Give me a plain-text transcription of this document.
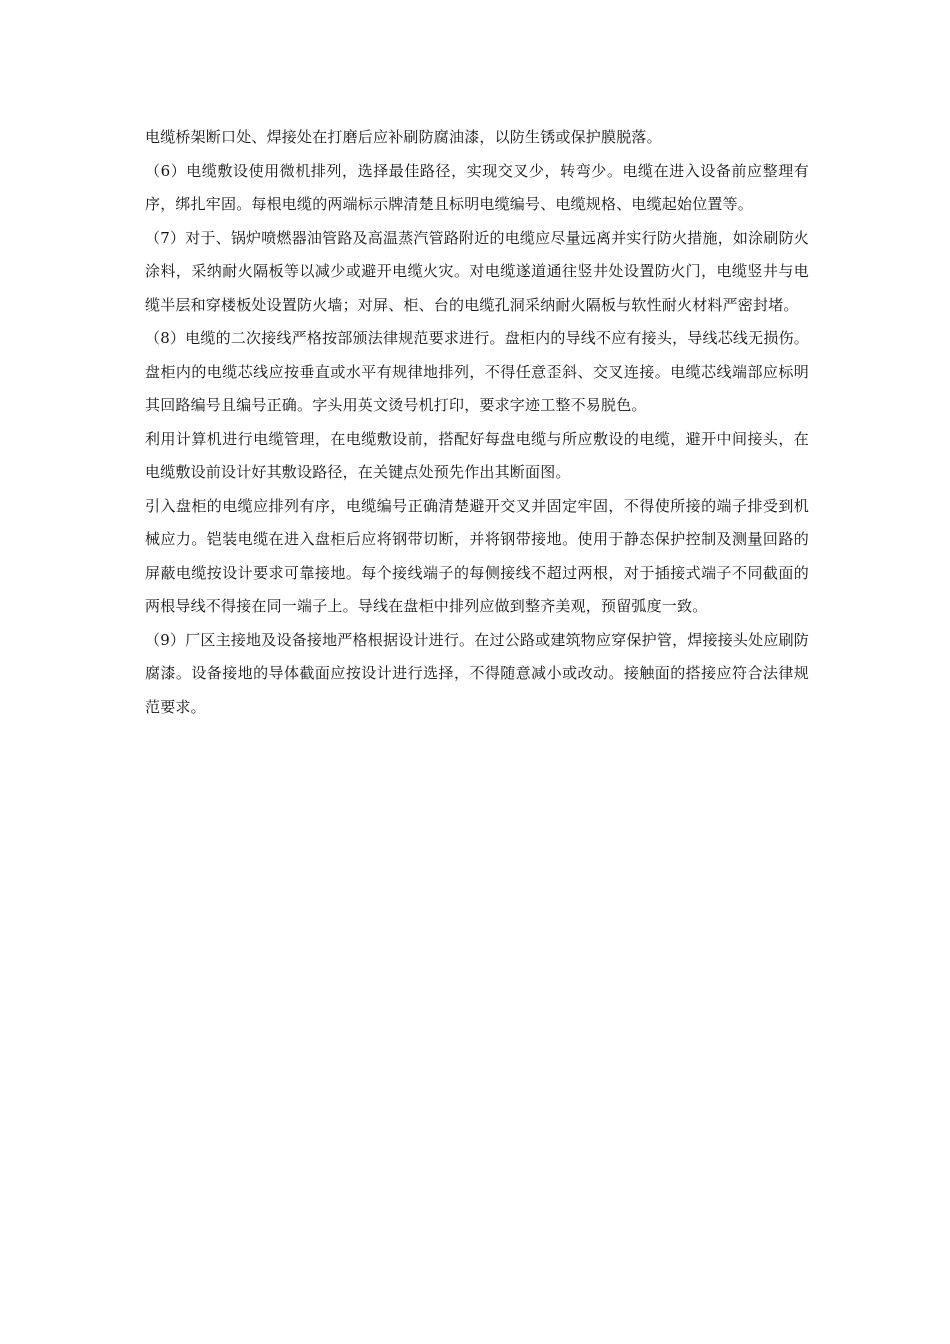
电缆桥架断口处、焊接处在打磨后应补刷防腐油漆，以防生锈或保护膜脱落。

（6）电缆敷设使用微机排列，选择最佳路径，实现交叉少，转弯少。电缆在进入设备前应整理有序，绑扎牢固。每根电缆的两端标示牌清楚且标明电缆编号、电缆规格、电缆起始位置等。

（7）对于、锅炉喷燃器油管路及高温蒸汽管路附近的电缆应尽量远离并实行防火措施，如涂刷防火涂料，采纳耐火隔板等以减少或避开电缆火灾。对电缆遂道通往竖井处设置防火门，电缆竖井与电缆半层和穿楼板处设置防火墙；对屏、柜、台的电缆孔洞采纳耐火隔板与软性耐火材料严密封堵。

（8）电缆的二次接线严格按部颁法律规范要求进行。盘柜内的导线不应有接头，导线芯线无损伤。盘柜内的电缆芯线应按垂直或水平有规律地排列，不得任意歪斜、交叉连接。电缆芯线端部应标明其回路编号且编号正确。字头用英文烫号机打印，要求字迹工整不易脱色。

利用计算机进行电缆管理，在电缆敷设前，搭配好每盘电缆与所应敷设的电缆，避开中间接头，在电缆敷设前设计好其敷设路径，在关键点处预先作出其断面图。

引入盘柜的电缆应排列有序，电缆编号正确清楚避开交叉并固定牢固，不得使所接的端子排受到机械应力。铠装电缆在进入盘柜后应将钢带切断，并将钢带接地。使用于静态保护控制及测量回路的屏蔽电缆按设计要求可靠接地。每个接线端子的每侧接线不超过两根，对于插接式端子不同截面的两根导线不得接在同一端子上。导线在盘柜中排列应做到整齐美观，预留弧度一致。

（9）厂区主接地及设备接地严格根据设计进行。在过公路或建筑物应穿保护管，焊接接头处应刷防腐漆。设备接地的导体截面应按设计进行选择，不得随意减小或改动。接触面的搭接应符合法律规范要求。
